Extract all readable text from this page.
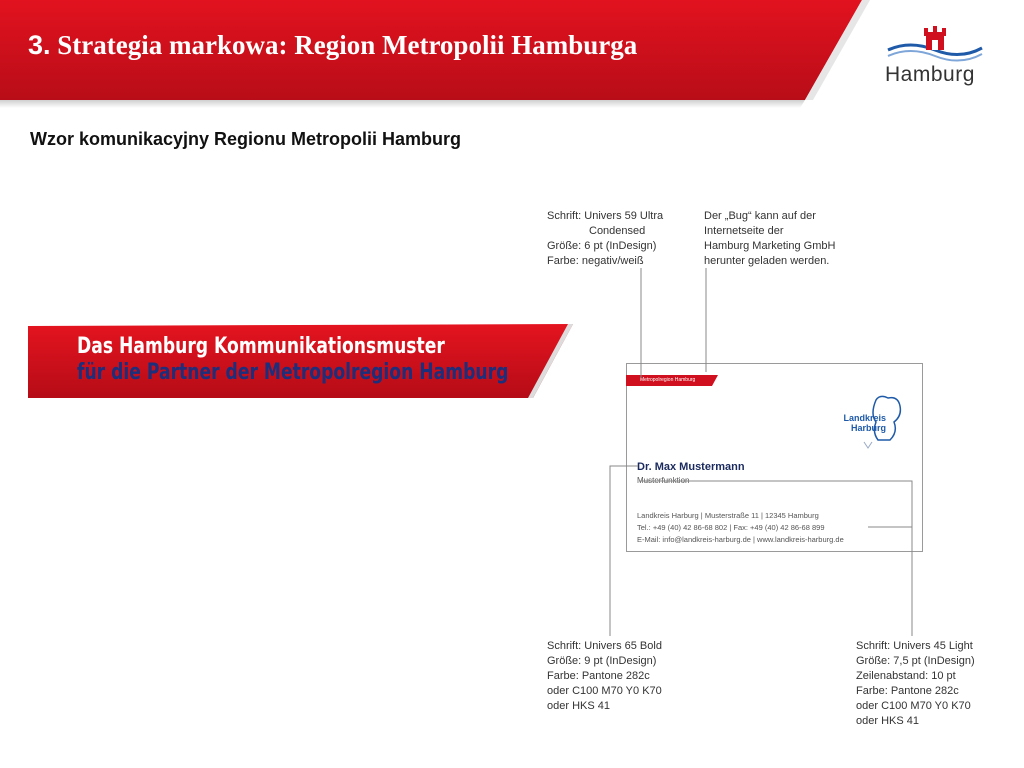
3. Strategia markowa: Region Metropolii Hamburga
Hamburg
Wzor komunikacyjny Regionu Metropolii Hamburg
Das Hamburg Kommunikationsmuster
für die Partner der Metropolregion Hamburg
Schrift: Univers 59 Ultra
Condensed
Größe: 6 pt (InDesign)
Farbe: negativ/weiß
Der „Bug“ kann auf der
Internetseite der
Hamburg Marketing GmbH
herunter geladen werden.
Schrift: Univers 65 Bold
Größe: 9 pt (InDesign)
Farbe: Pantone 282c
oder C100 M70 Y0 K70
oder HKS 41
Schrift: Univers 45 Light
Größe: 7,5 pt (InDesign)
Zeilenabstand: 10 pt
Farbe: Pantone 282c
oder C100 M70 Y0 K70
oder HKS 41
Metropolregion Hamburg
Landkreis
Harburg
Dr. Max Mustermann
Musterfunktion
Landkreis Harburg | Musterstraße 11 | 12345 Hamburg
Tel.: +49 (40) 42 86-68 802 | Fax: +49 (40) 42 86-68 899
E-Mail: info@landkreis-harburg.de | www.landkreis-harburg.de
